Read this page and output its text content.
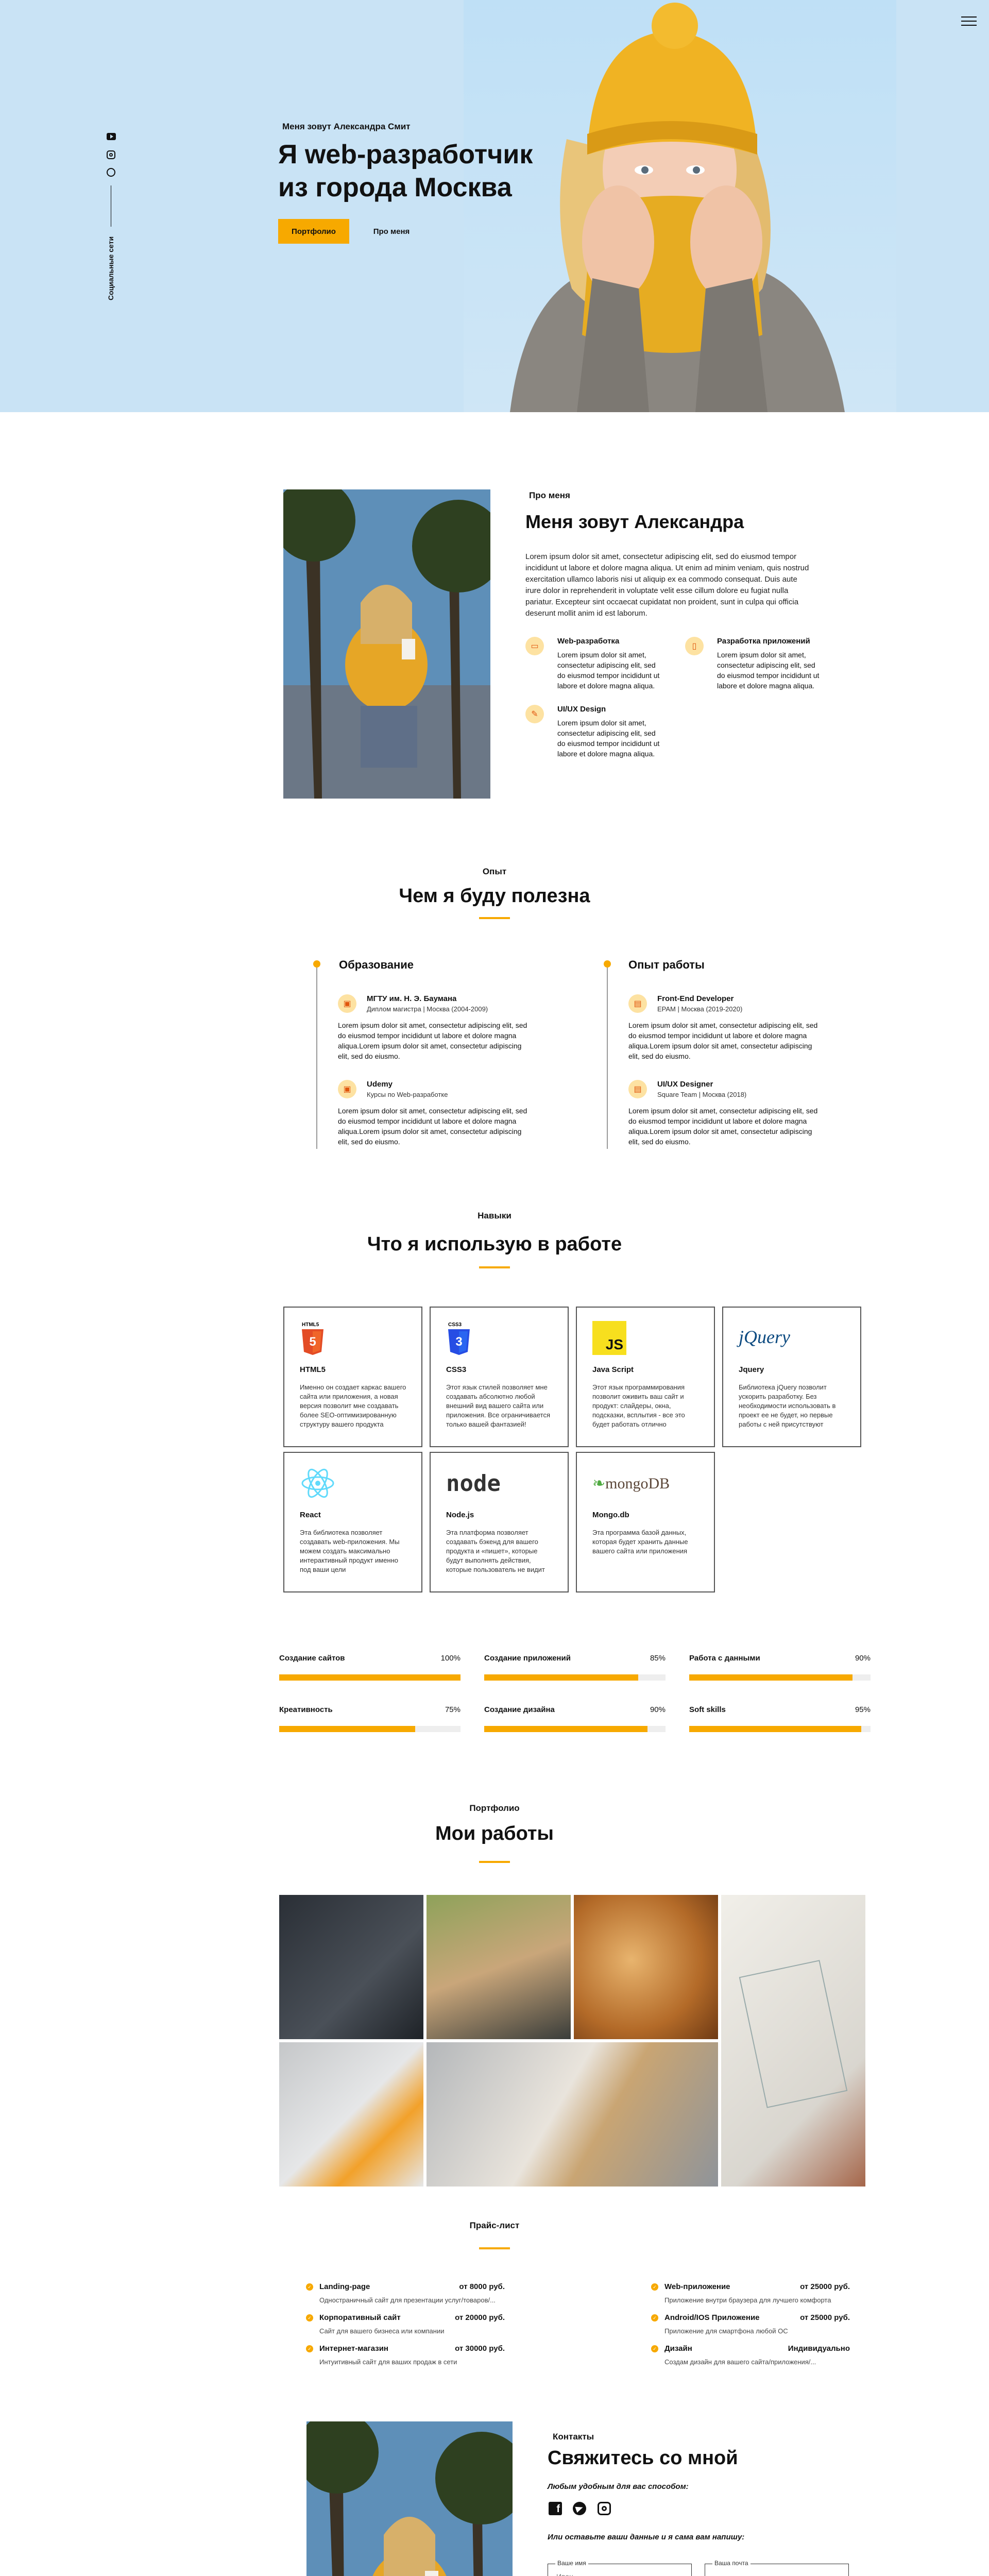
Социальные сети
Меня зовут Александра Смит
Я web-разработчик
из города Москва
Портфолио	Про меня
Про меня
Меня зовут Александра

Lorem ipsum dolor sit amet, consectetur adipiscing elit, sed do eiusmod tempor incididunt ut labore et dolore magna aliqua. Ut enim ad minim veniam, quis nostrud exercitation ullamco laboris nisi ut aliquip ex ea commodo consequat. Duis aute irure dolor in reprehenderit in voluptate velit esse cillum dolore eu fugiat nulla pariatur. Excepteur sint occaecat cupidatat non proident, sunt in culpa qui officia deserunt mollit anim id est laborum.

▭
Web-разработка

Lorem ipsum dolor sit amet, consectetur adipiscing elit, sed do eiusmod tempor incididunt ut labore et dolore magna aliqua.

▯
Разработка приложений

Lorem ipsum dolor sit amet, consectetur adipiscing elit, sed do eiusmod tempor incididunt ut labore et dolore magna aliqua.

✎
UI/UX Design

Lorem ipsum dolor sit amet, consectetur adipiscing elit, sed do eiusmod tempor incididunt ut labore et dolore magna aliqua.

Опыт
Чем я буду полезна
Образование
▣
МГТУ им. Н. Э. Баумана
Диплом магистра | Москва (2004-2009)

Lorem ipsum dolor sit amet, consectetur adipiscing elit, sed do eiusmod tempor incididunt ut labore et dolore magna aliqua.Lorem ipsum dolor sit amet, consectetur adipiscing elit, sed do eiusmo.

▣
Udemy
Курсы по Web-разработке

Lorem ipsum dolor sit amet, consectetur adipiscing elit, sed do eiusmod tempor incididunt ut labore et dolore magna aliqua.Lorem ipsum dolor sit amet, consectetur adipiscing elit, sed do eiusmo.

Опыт работы
▤
Front-End Developer
EPAM | Москва (2019-2020)

Lorem ipsum dolor sit amet, consectetur adipiscing elit, sed do eiusmod tempor incididunt ut labore et dolore magna aliqua.Lorem ipsum dolor sit amet, consectetur adipiscing elit, sed do eiusmo.

▤
UI/UX Designer
Square Team | Москва (2018)

Lorem ipsum dolor sit amet, consectetur adipiscing elit, sed do eiusmod tempor incididunt ut labore et dolore magna aliqua.Lorem ipsum dolor sit amet, consectetur adipiscing elit, sed do eiusmo.

Навыки
Что я использую в работе
HTML5
5
HTML5
Именно он создает каркас вашего сайта или приложения, а новая версия позволит мне создавать более SEO-оптимизированную структуру вашего продукта
CSS3
3
CSS3
Этот язык стилей позволяет мне создавать абсолютно любой внешний вид вашего сайта или приложения. Все ограничивается только вашей фантазией!
JS
Java Script
Этот язык программирования позволит оживить ваш сайт и продукт: слайдеры, окна, подсказки, всплытия - все это будет работать отлично
jQuery
Jquery
Библиотека jQuery позволит ускорить разработку. Без необходимости использовать в проект ее не будет, но первые работы с ней присутствуют
React
Эта библиотека позволяет создавать web-приложения. Мы можем создать максимально интерактивный продукт именно под ваши цели
node
Node.js
Эта платформа позволяет создавать бэкенд для вашего продукта и «пишет», которые будут выполнять действия, которые пользователь не видит
❧mongoDB
Mongo.db
Эта программа базой данных, которая будет хранить данные вашего сайта или приложения
Создание сайтов	100%	Создание приложений	85%	Работа с данными	90%
Креативность	75%	Создание дизайна	90%	Soft skills	95%
Портфолио
Мои работы
Прайс-лист
✓ Landing-page	от 8000 руб.
Одностраничный сайт для презентации услуг/товаров/...
✓ Корпоративный сайт	от 20000 руб.
Сайт для вашего бизнеса или компании
✓ Интернет-магазин	от 30000 руб.
Интуитивный сайт для ваших продаж в сети
✓ Web-приложение	от 25000 руб.
Приложение внутри браузера для лучшего комфорта
✓ Android/IOS Приложение	от 25000 руб.
Приложение для смартфона любой ОС
✓ Дизайн	Индивидуально
Создам дизайн для вашего сайта/приложения/...
Контакты
Свяжитесь со мной
Любым удобным для вас способом:
f
Или оставьте ваши данные и я сама вам напишу:
Ваше имя
Иван	Ваша почта
